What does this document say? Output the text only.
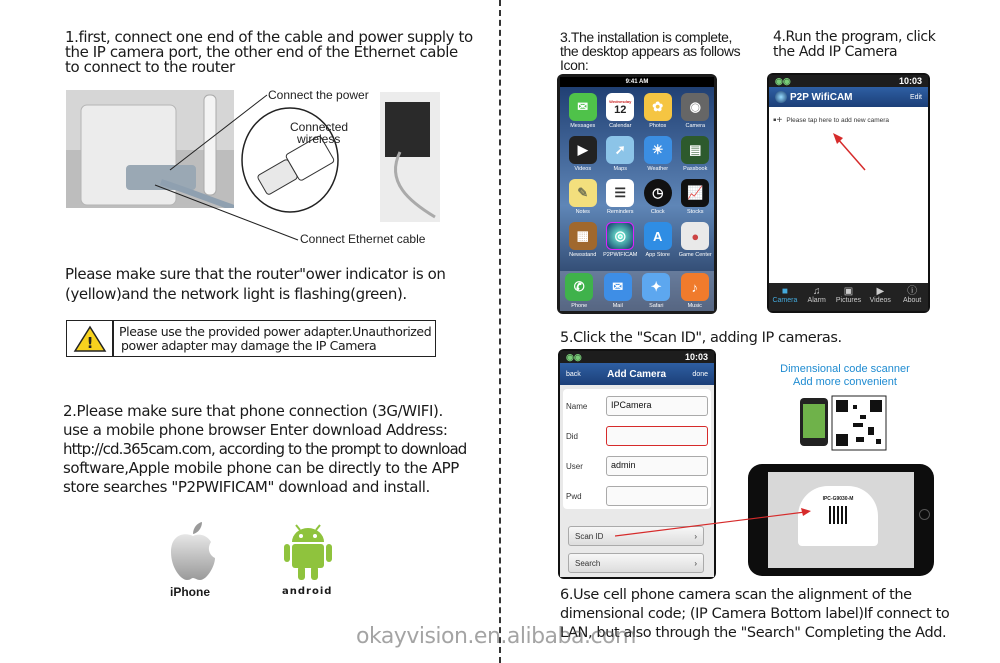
1.first, connect one end of the cable and power supply to
the IP camera port, the other end of the Ethernet cable
to connect to the router
Connect the power
Connected
wireless
Connect Ethernet cable
Please make sure that the router"ower indicator is on
(yellow)and the network light is flashing(green).
!
Please use the provided power adapter.Unauthorized
power adapter may damage the IP Camera
2.Please make sure that phone connection (3G/WIFI).
use a mobile phone browser Enter download Address:
http://cd.365cam.com, according to the prompt to download
software,Apple mobile phone can be directly to the APP
store searches "P2PWIFICAM" download and install.
iPhone	android
3.The installation is complete,
the desktop appears as follows
Icon:
9:41 AM
✉
Messages
Wednesday
12
Calendar
✿
Photos
◉
Camera
▶
Videos
➚
Maps
☀
Weather
▤
Passbook
✎
Notes
☰
Reminders
◷
Clock
📈
Stocks
▦
Newsstand
◎
P2PWIFICAM
A
App Store
●
Game Center
✆
Phone
✉
Mail
✦
Safari
♪
Music
4.Run the program, click
the Add IP Camera
◉◉	10:03
P2P WifiCAM	Edit
▪+ Please tap here to add new camera
■
Camera
♫
Alarm
▣
Pictures
▶
Videos
ⓘ
About
5.Click the "Scan ID", adding IP cameras.
◉◉	10:03
back	Add Camera	done
Name	IPCamera
Did
User	admin
Pwd
Scan ID	›
Search	›
Dimensional code scanner
Add more convenient
IPC-G9030-M
6.Use cell phone camera scan the alignment of the
dimensional code; (IP Camera Bottom label)If connect to
LAN, but also through the "Search" Completing the Add.
okayvision.en.alibaba.com
